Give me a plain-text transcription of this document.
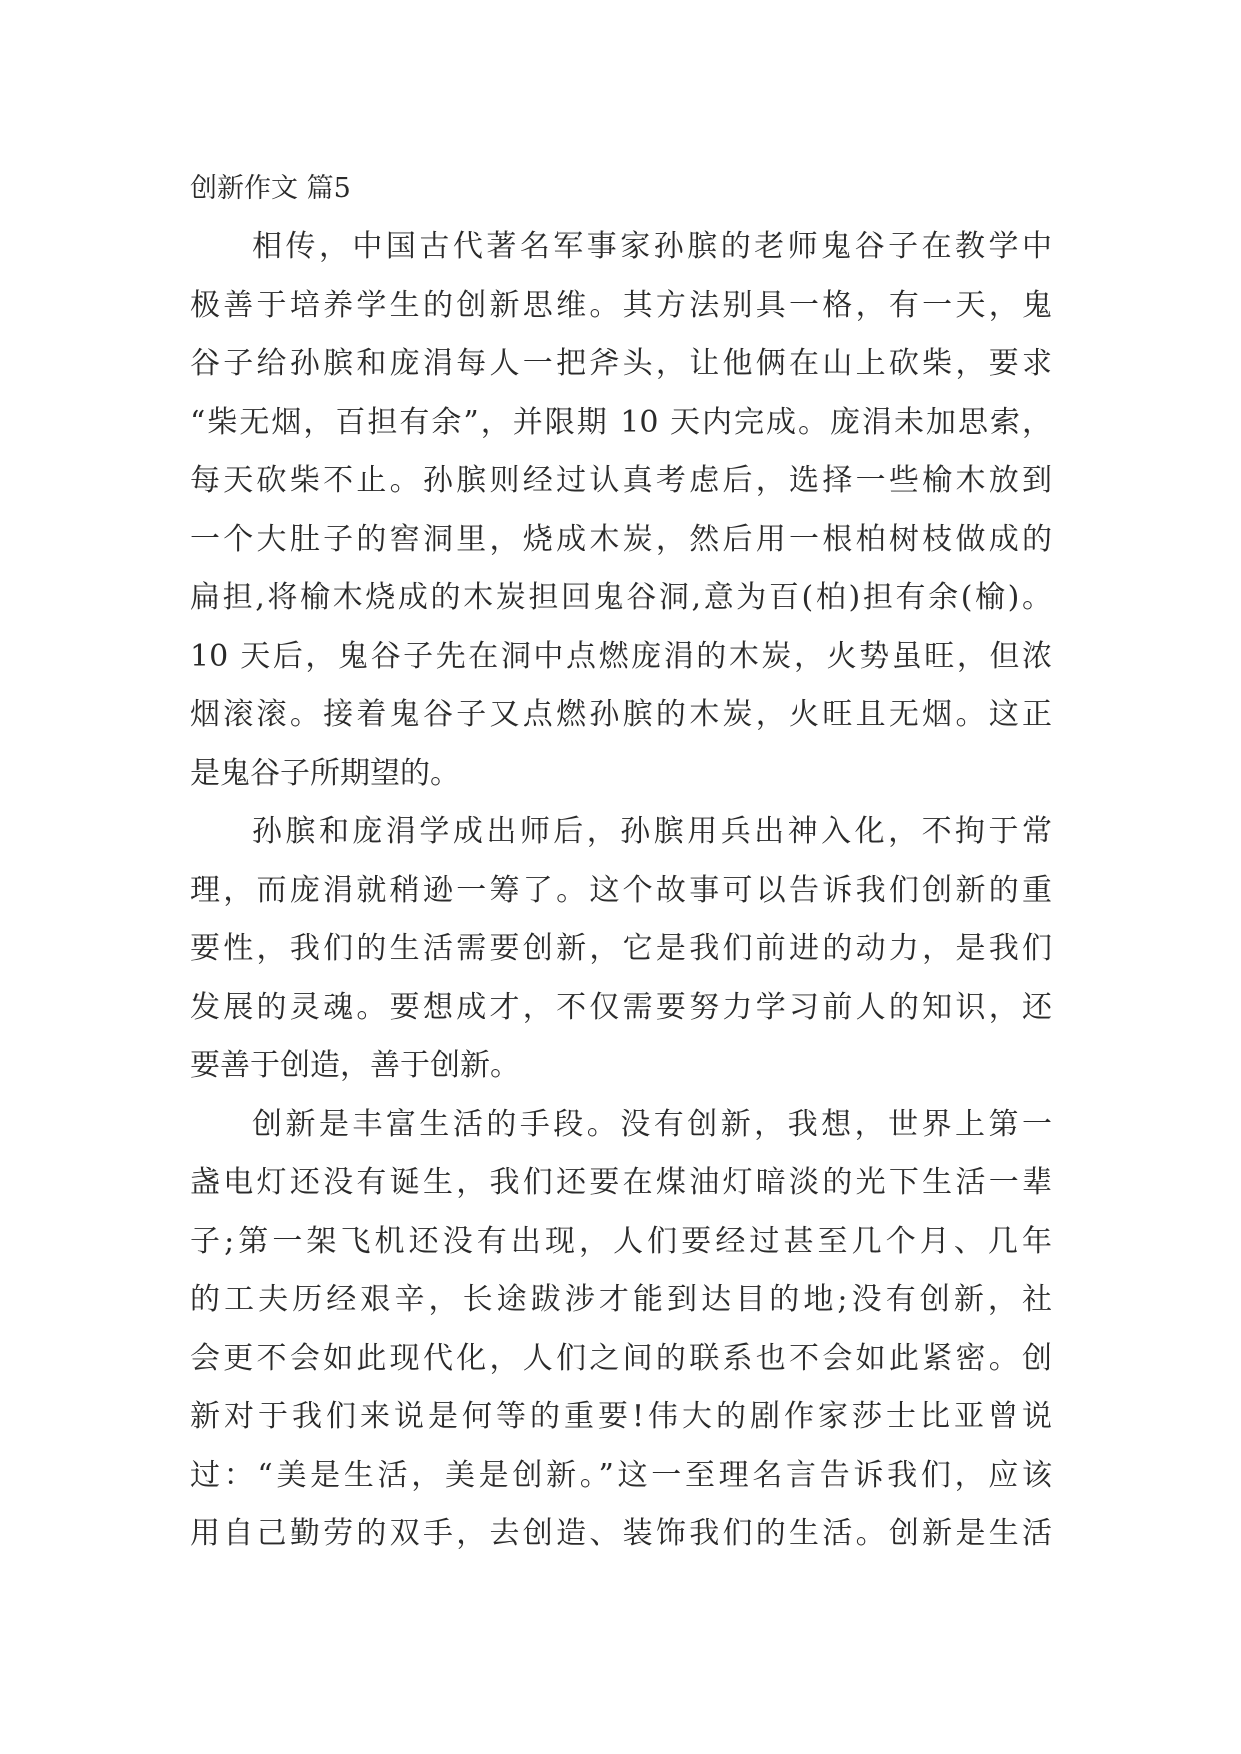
创新作文 篇5
相传，中国古代著名军事家孙膑的老师鬼谷子在教学中
极善于培养学生的创新思维。其方法别具一格，有一天，鬼
谷子给孙膑和庞涓每人一把斧头，让他俩在山上砍柴，要求
“柴无烟，百担有余”，并限期 10 天内完成。庞涓未加思索，
每天砍柴不止。孙膑则经过认真考虑后，选择一些榆木放到
一个大肚子的窖洞里，烧成木炭，然后用一根柏树枝做成的
扁担,将榆木烧成的木炭担回鬼谷洞,意为百(柏)担有余(榆)。
10 天后，鬼谷子先在洞中点燃庞涓的木炭，火势虽旺，但浓
烟滚滚。接着鬼谷子又点燃孙膑的木炭，火旺且无烟。这正
是鬼谷子所期望的。
孙膑和庞涓学成出师后，孙膑用兵出神入化，不拘于常
理，而庞涓就稍逊一筹了。这个故事可以告诉我们创新的重
要性，我们的生活需要创新，它是我们前进的动力，是我们
发展的灵魂。要想成才，不仅需要努力学习前人的知识，还
要善于创造，善于创新。
创新是丰富生活的手段。没有创新，我想，世界上第一
盏电灯还没有诞生，我们还要在煤油灯暗淡的光下生活一辈
子;第一架飞机还没有出现，人们要经过甚至几个月、几年
的工夫历经艰辛，长途跋涉才能到达目的地;没有创新，社
会更不会如此现代化，人们之间的联系也不会如此紧密。创
新对于我们来说是何等的重要!伟大的剧作家莎士比亚曾说
过：“美是生活，美是创新。”这一至理名言告诉我们，应该
用自己勤劳的双手，去创造、装饰我们的生活。创新是生活
